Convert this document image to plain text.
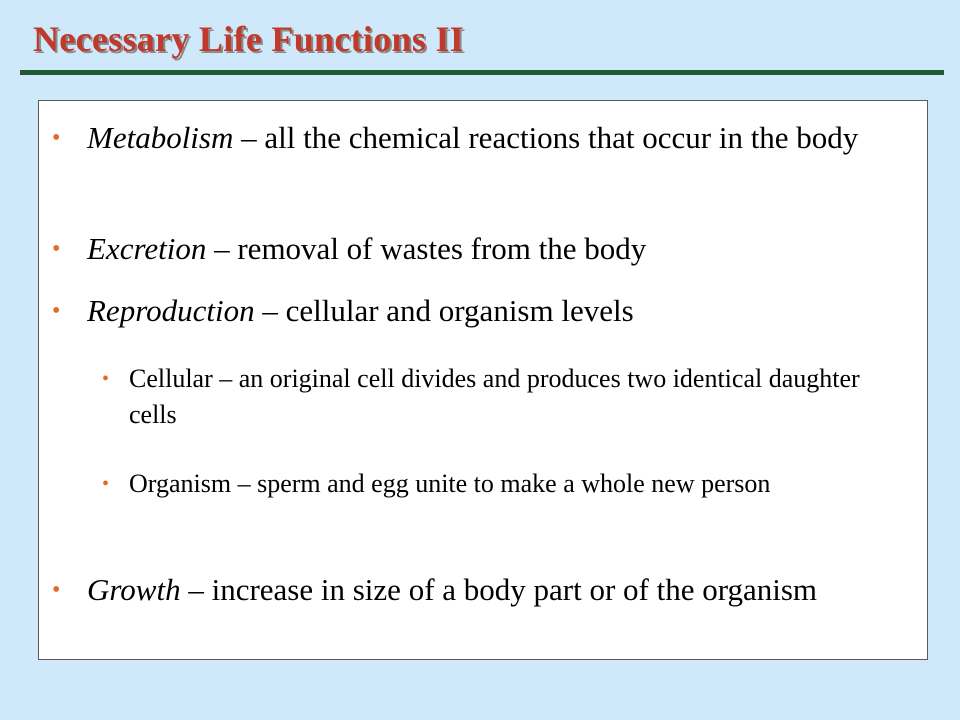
Necessary Life Functions II
• Metabolism – all the chemical reactions that occur in the body
• Excretion – removal of wastes from the body
• Reproduction – cellular and organism levels
• Cellular – an original cell divides and produces two identical daughter cells
• Organism – sperm and egg unite to make a whole new person
• Growth – increase in size of a body part or of the organism
